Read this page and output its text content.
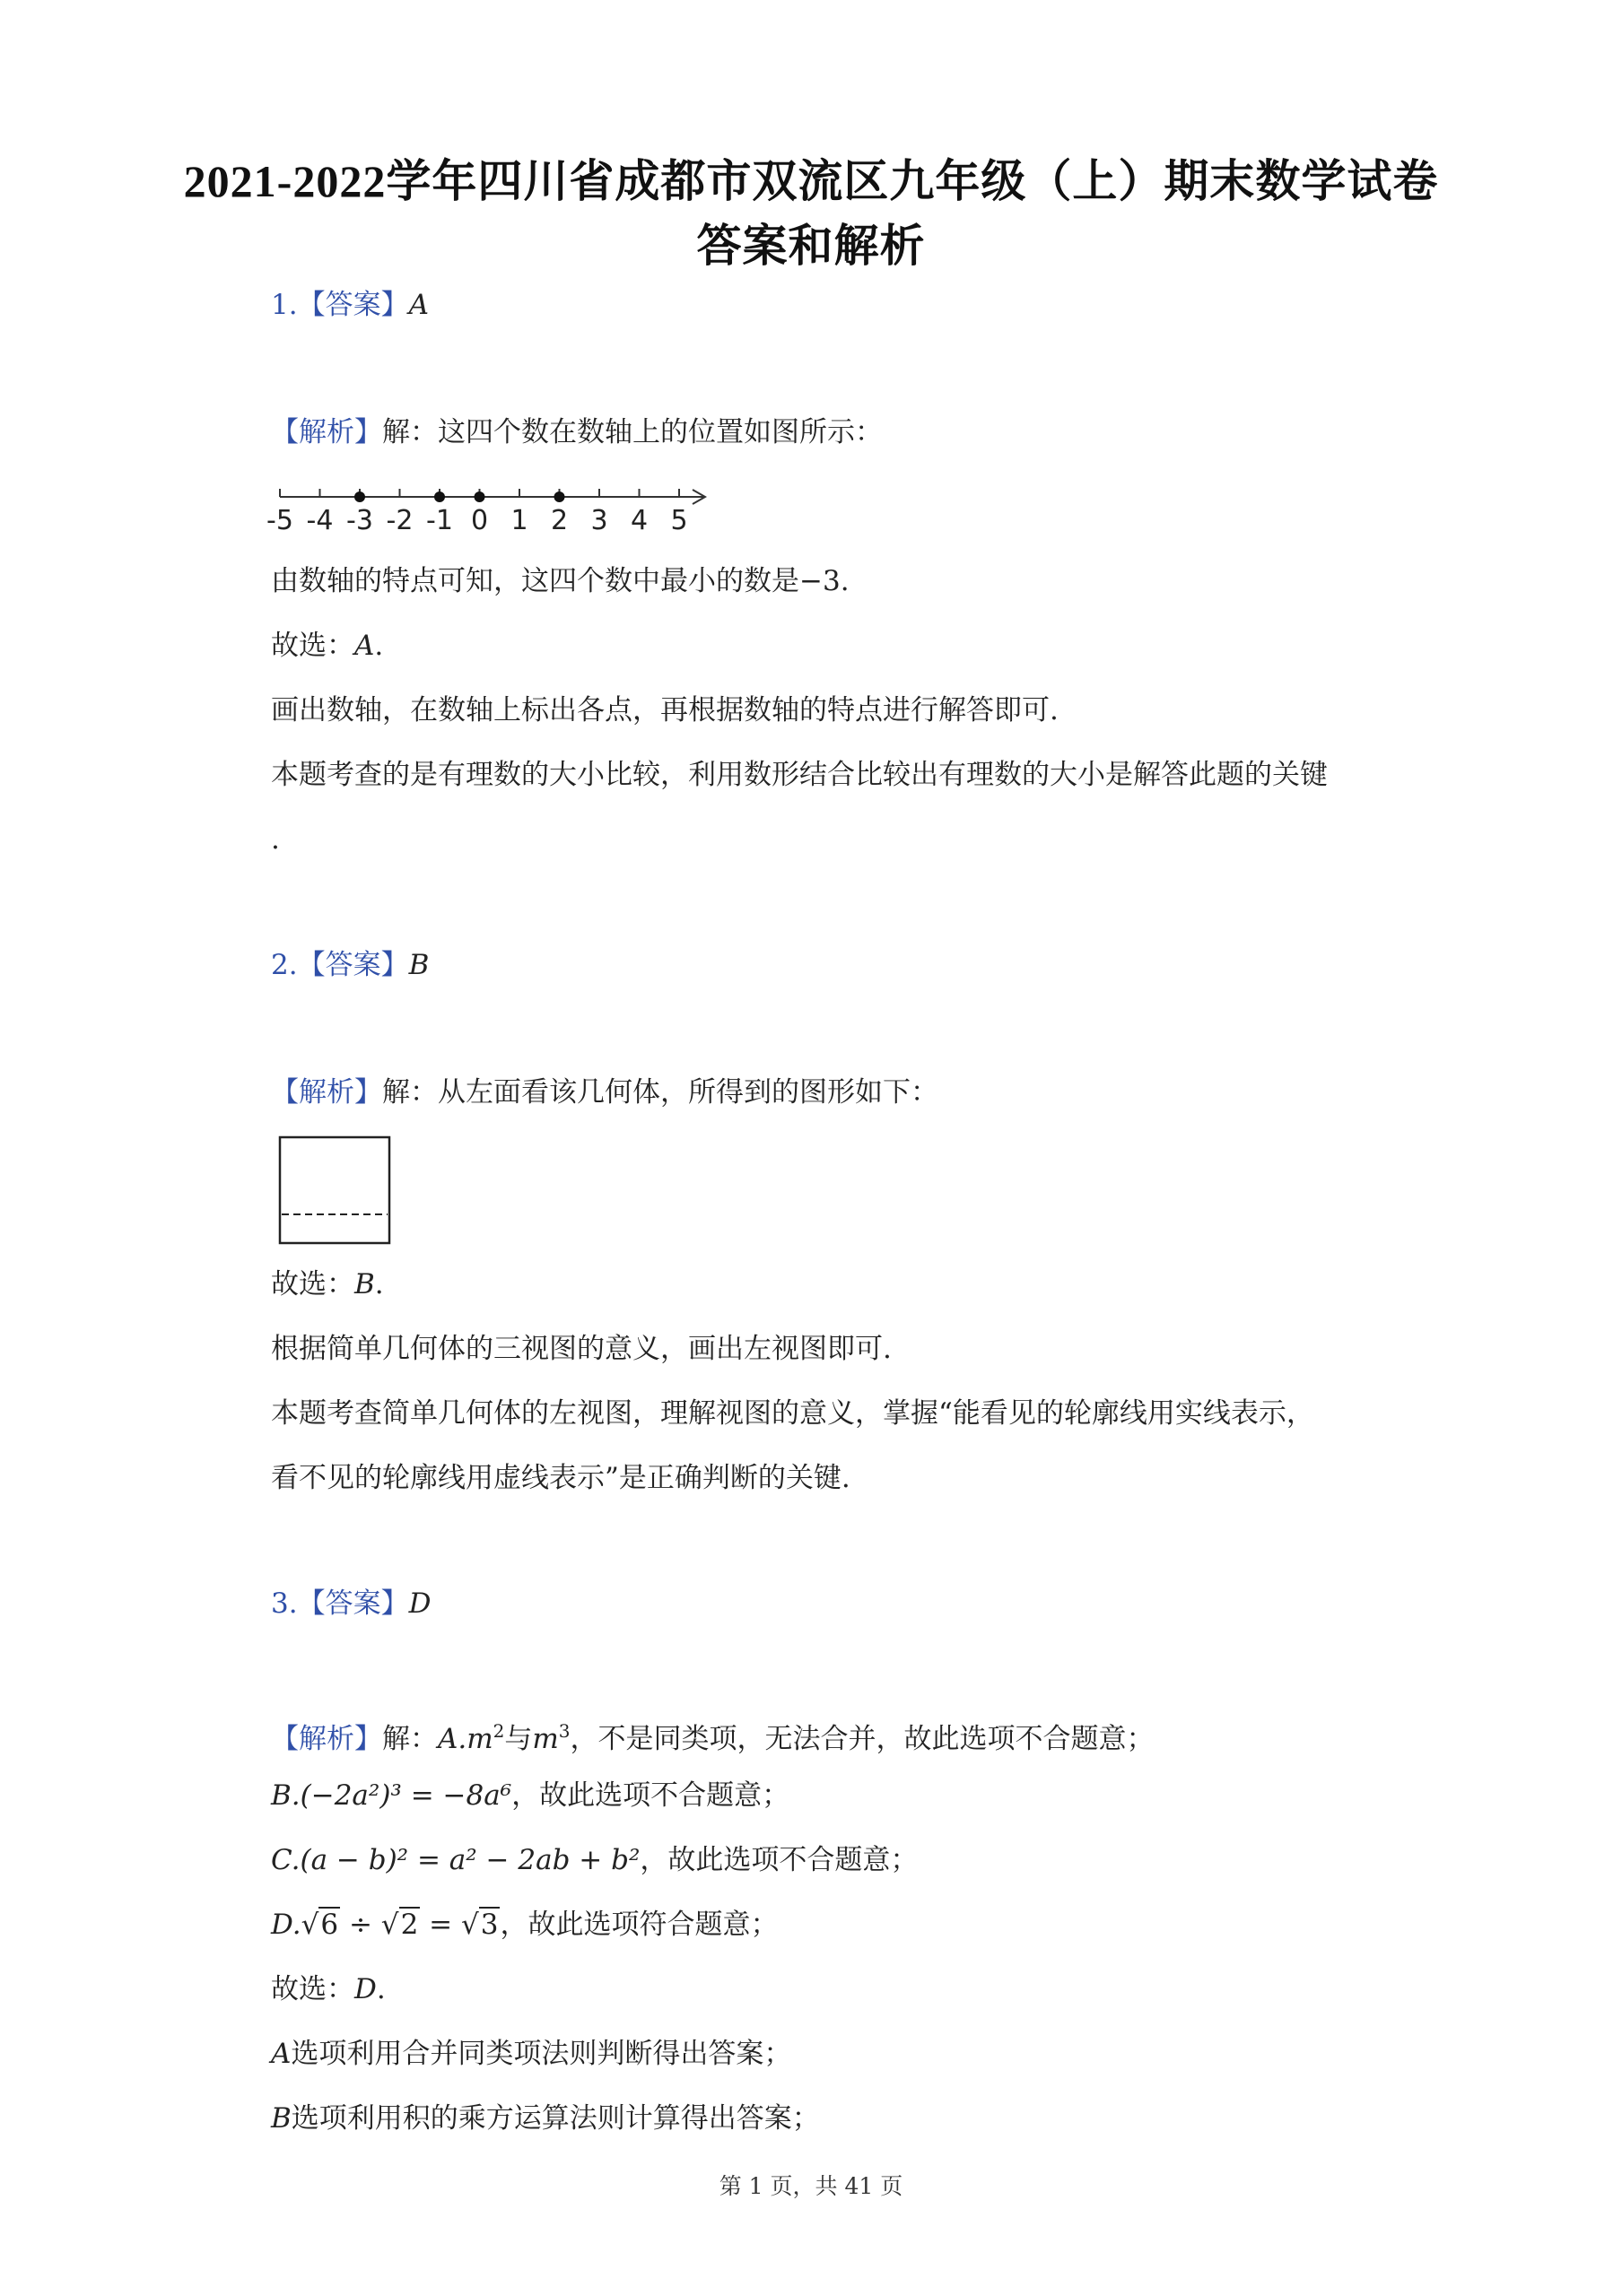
2021-2022学年四川省成都市双流区九年级（上）期末数学试卷
答案和解析
1.【答案】A
【解析】解：这四个数在数轴上的位置如图所示：
-5 -4 -3 -2 -1 0 1 2 3 4 5
由数轴的特点可知，这四个数中最小的数是−3.
故选：A.
画出数轴，在数轴上标出各点，再根据数轴的特点进行解答即可.
本题考查的是有理数的大小比较，利用数形结合比较出有理数的大小是解答此题的关键
.
2.【答案】B
【解析】解：从左面看该几何体，所得到的图形如下：
故选：B.
根据简单几何体的三视图的意义，画出左视图即可.
本题考查简单几何体的左视图，理解视图的意义，掌握“能看见的轮廓线用实线表示，
看不见的轮廓线用虚线表示”是正确判断的关键.
3.【答案】D
【解析】解：$A.m^2$与$m^3$，不是同类项，无法合并，故此选项不合题意；
B.(−2a²)³ = −8a⁶，故此选项不合题意；
C.(a − b)² = a² − 2ab + b²，故此选项不合题意；
D.√6 ÷ √2 = √3，故此选项符合题意；
故选：D.
A选项利用合并同类项法则判断得出答案；
B选项利用积的乘方运算法则计算得出答案；
第 1 页，共 41 页
